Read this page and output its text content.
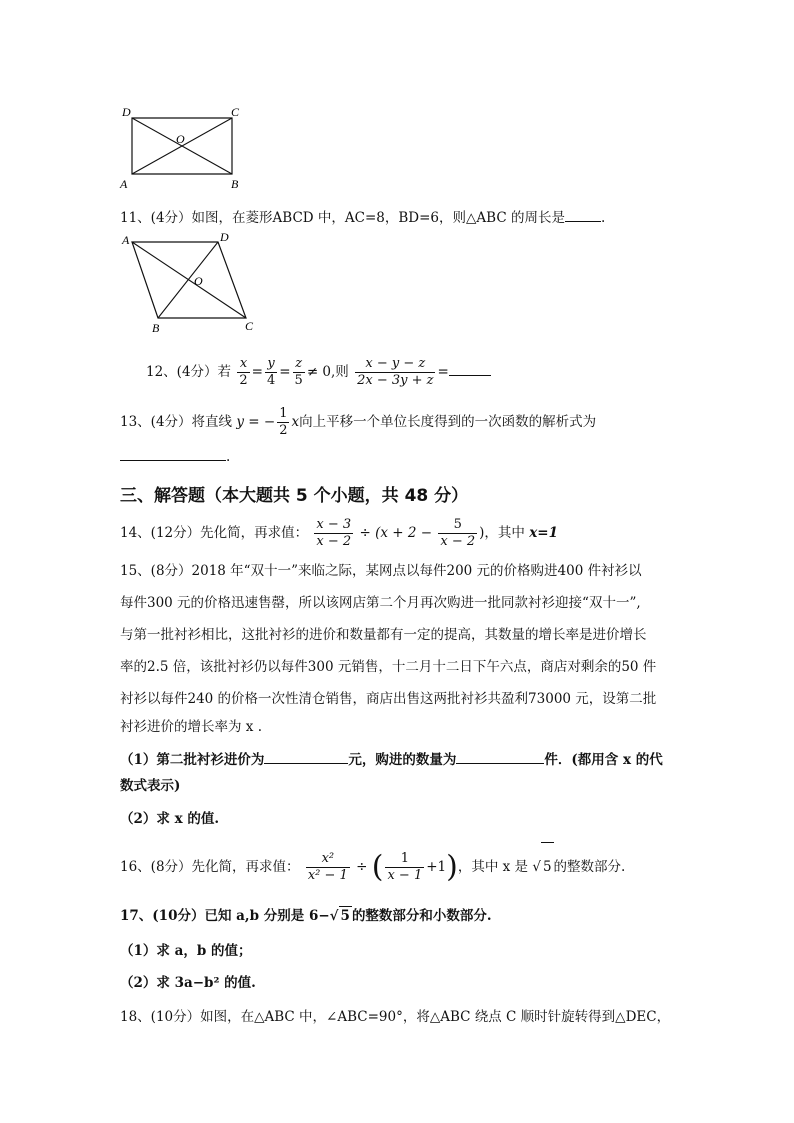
D	C
A	B
O
11、(4分）如图，在菱形ABCD 中，AC=8，BD=6，则△ABC 的周长是	.
A	D
B	C
O
12、(4分）若 $\frac{x}{2} = \frac{y}{4} = \frac{z}{5} \ne 0$,则 $\frac{x - y - z}{2x - 3y + z}$ =
13、(4分）将直线 y = − $\frac{1}{2}$ x向上平移一个单位长度得到的一次函数的解析式为
.
三、解答题（本大题共 5 个小题，共 48 分）
14、(12分）先化简，再求值： $\frac{x - 3}{x - 2} \div (x + 2 - \frac{5}{x - 2}$ )，其中 x=1
15、(8分）2018 年“双十一”来临之际，某网点以每件200 元的价格购进400 件衬衫以
每件300 元的价格迅速售罄，所以该网店第二个月再次购进一批同款衬衫迎接“双十一”,
与第一批衬衫相比，这批衬衫的进价和数量都有一定的提高，其数量的增长率是进价增长
率的2.5 倍，该批衬衫仍以每件300 元销售，十二月十二日下午六点，商店对剩余的50 件
衬衫以每件240 的价格一次性清仓销售，商店出售这两批衬衫共盈利73000 元，设第二批
衬衫进价的增长率为 x .
（1）第二批衬衫进价为	元，购进的数量为	件．(都用含 x 的代
数式表示)
（2）求 x 的值.
16、(8分）先化简，再求值： $\frac{\text{x²}}{\text{x² − 1}}$ ÷ ( $\frac{1}{x - 1} +1$)，其中 x 是 √ 5 的整数部分.
17、(10分）已知 a,b 分别是 6−√ 5 的整数部分和小数部分.
（1）求 a，b 的值；
（2）求 3a−b² 的值.
18、(10分）如图，在△ABC 中，∠ABC=90°，将△ABC 绕点 C 顺时针旋转得到△DEC，
